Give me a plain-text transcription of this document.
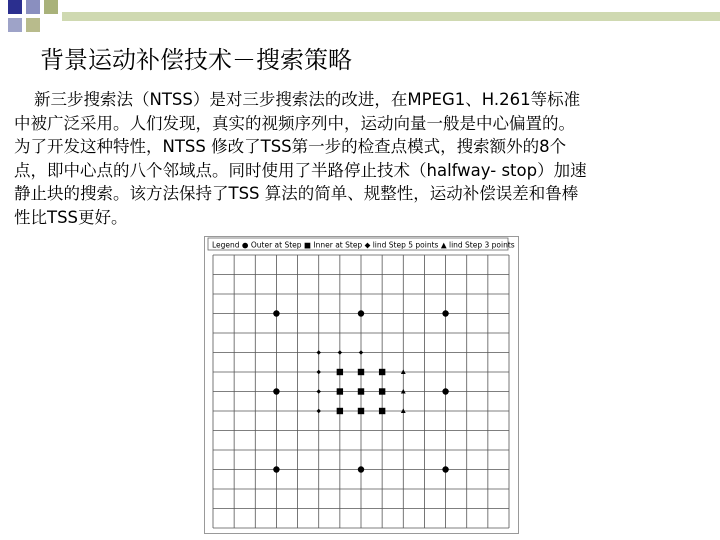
背景运动补偿技术－搜索策略

新三步搜索法（NTSS）是对三步搜索法的改进，在MPEG1、H.261等标准

中被广泛采用。人们发现，真实的视频序列中，运动向量一般是中心偏置的。

为了开发这种特性，NTSS 修改了TSS第一步的检查点模式，搜索额外的8个

点，即中心点的八个邻域点。同时使用了半路停止技术（halfway- stop）加速

静止块的搜索。该方法保持了TSS 算法的简单、规整性，运动补偿误差和鲁棒

性比TSS更好。

Legend ● Outer at Step ■ Inner at Step ◆ lind Step 5 points ▲ lind Step 3 points
